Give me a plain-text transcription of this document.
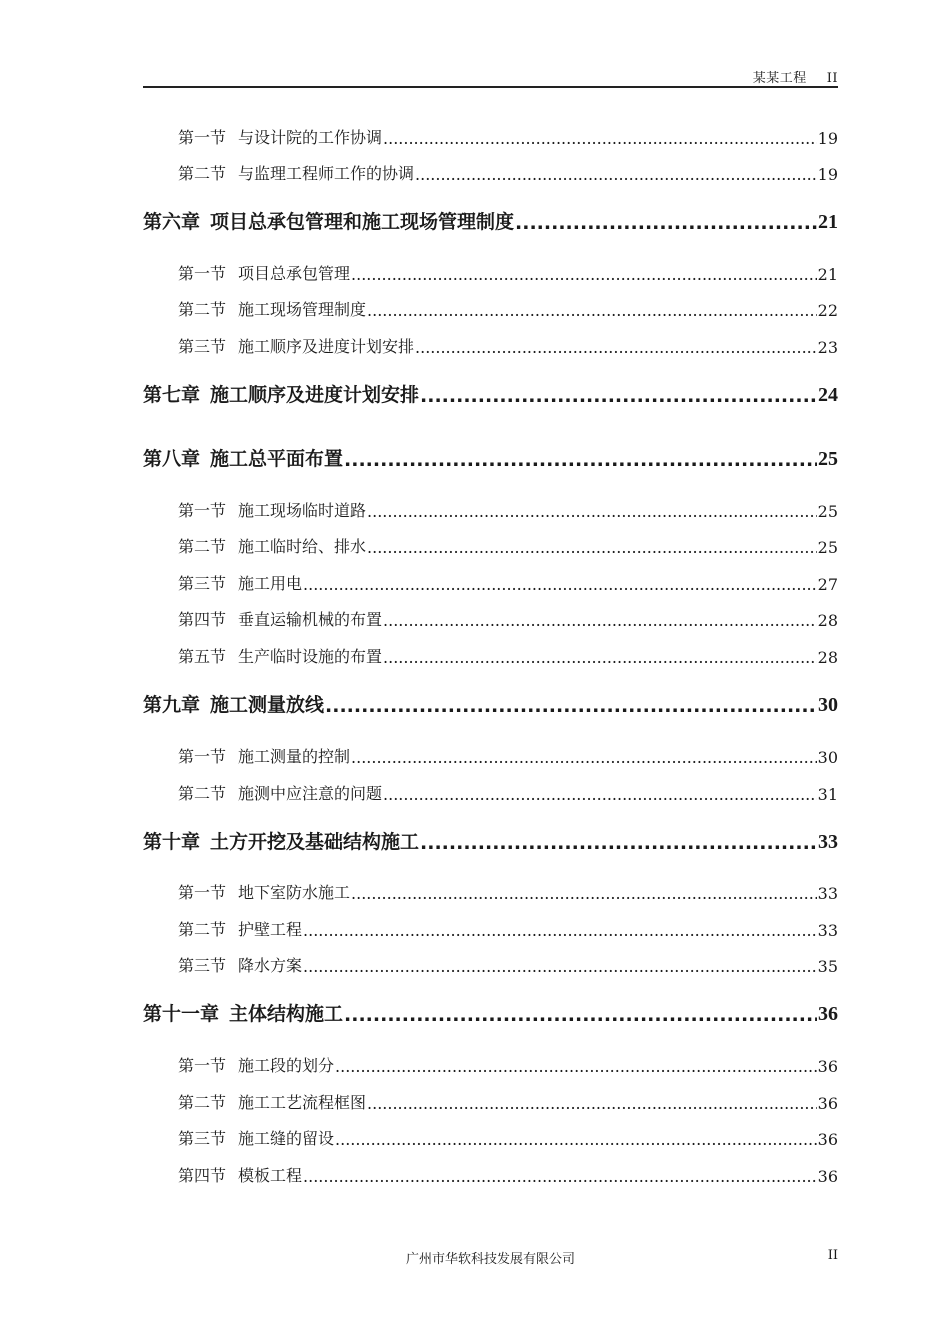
某某工程 II
第一节 与设计院的工作协调 .....	19
第二节 与监理工程师工作的协调 .....	19
第六章 项目总承包管理和施工现场管理制度 .....	21
第一节 项目总承包管理 .....	21
第二节 施工现场管理制度 .....	22
第三节 施工顺序及进度计划安排 .....	23
第七章 施工顺序及进度计划安排 .....	24
第八章 施工总平面布置 .....	25
第一节 施工现场临时道路 .....	25
第二节 施工临时给、排水 .....	25
第三节 施工用电 .....	27
第四节 垂直运输机械的布置 .....	28
第五节 生产临时设施的布置 .....	28
第九章 施工测量放线 .....	30
第一节 施工测量的控制 .....	30
第二节 施测中应注意的问题 .....	31
第十章 土方开挖及基础结构施工 .....	33
第一节 地下室防水施工 .....	33
第二节 护壁工程 .....	33
第三节 降水方案 .....	35
第十一章 主体结构施工 .....	36
第一节 施工段的划分 .....	36
第二节 施工工艺流程框图 .....	36
第三节 施工缝的留设 .....	36
第四节 模板工程 .....	36
广州市华软科技发展有限公司	II
